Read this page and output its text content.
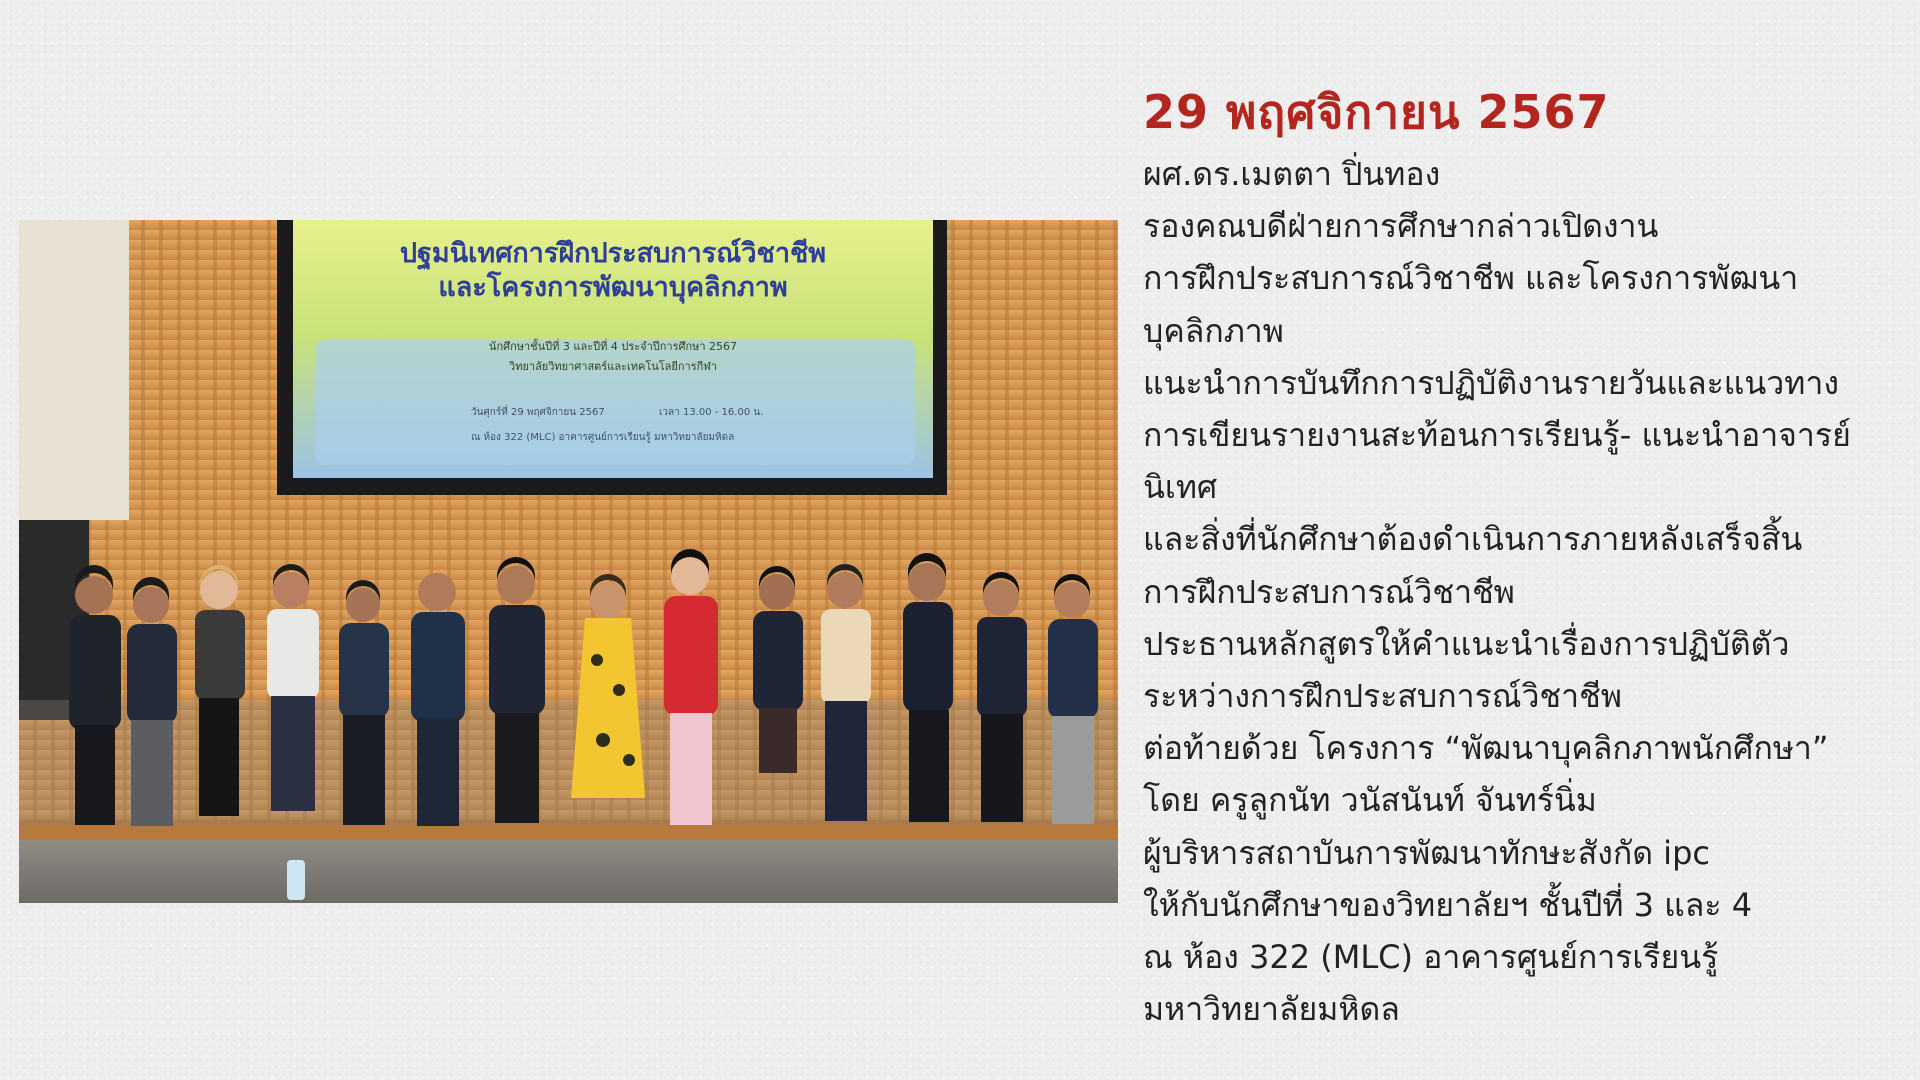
ปฐมนิเทศการฝึกประสบการณ์วิชาชีพ
และโครงการพัฒนาบุคลิกภาพ
นักศึกษาชั้นปีที่ 3 และปีที่ 4 ประจำปีการศึกษา 2567
วิทยาลัยวิทยาศาสตร์และเทคโนโลยีการกีฬา
วันศุกร์ที่ 29 พฤศจิกายน 2567	เวลา 13.00 - 16.00 น.
ณ ห้อง 322 (MLC) อาคารศูนย์การเรียนรู้ มหาวิทยาลัยมหิดล
29 พฤศจิกายน 2567
ผศ.ดร.เมตตา ปิ่นทอง
รองคณบดีฝ่ายการศึกษากล่าวเปิดงาน
การฝึกประสบการณ์วิชาชีพ และโครงการพัฒนา
บุคลิกภาพ
แนะนำการบันทึกการปฏิบัติงานรายวันและแนวทาง
การเขียนรายงานสะท้อนการเรียนรู้- แนะนำอาจารย์
นิเทศ
และสิ่งที่นักศึกษาต้องดำเนินการภายหลังเสร็จสิ้น
การฝึกประสบการณ์วิชาชีพ
ประธานหลักสูตรให้คำแนะนำเรื่องการปฏิบัติตัว
ระหว่างการฝึกประสบการณ์วิชาชีพ
ต่อท้ายด้วย โครงการ “พัฒนาบุคลิกภาพนักศึกษา”
โดย ครูลูกนัท วนัสนันท์ จันทร์นิ่ม
ผู้บริหารสถาบันการพัฒนาทักษะสังกัด ipc
ให้กับนักศึกษาของวิทยาลัยฯ ชั้นปีที่ 3 และ 4
ณ ห้อง 322 (MLC) อาคารศูนย์การเรียนรู้
มหาวิทยาลัยมหิดล
